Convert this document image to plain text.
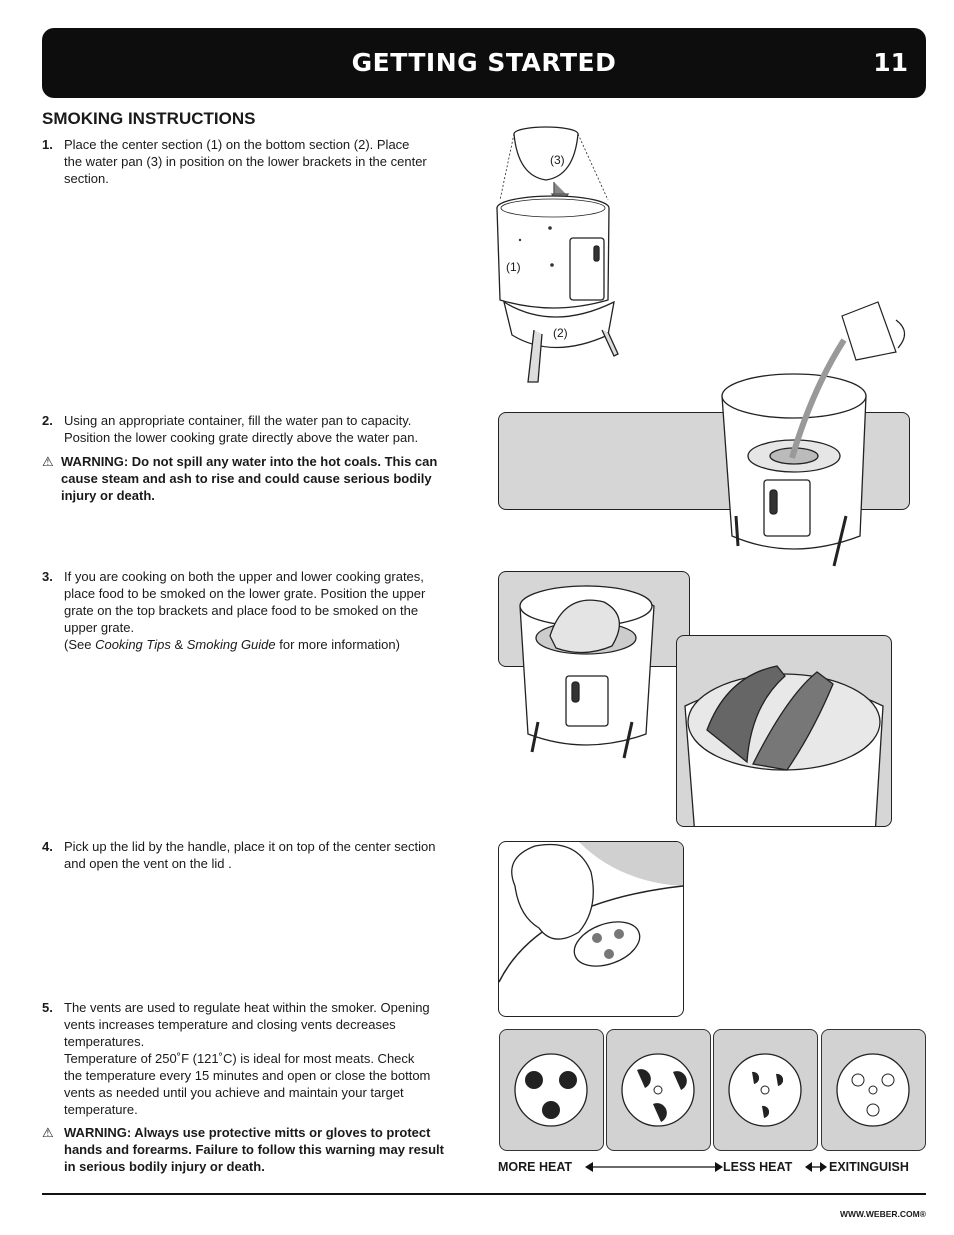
GETTING STARTED	11
SMOKING INSTRUCTIONS
1. Place the center section (1) on the bottom section (2). Place
the water pan (3) in position on the lower brackets in the center
section.
2. Using an appropriate container, fill the water pan to capacity.
Position the lower cooking grate directly above the water pan.
⚠ WARNING: Do not spill any water into the hot coals. This can
cause steam and ash to rise and could cause serious bodily
injury or death.
3. If you are cooking on both the upper and lower cooking grates,
place food to be smoked on the lower grate. Position the upper
grate on the top brackets and place food to be smoked on the
upper grate.
(See Cooking Tips & Smoking Guide for more information)
4. Pick up the lid by the handle, place it on top of the center section
and open the vent on the lid .
5. The vents are used to regulate heat within the smoker. Opening
vents increases temperature and closing vents decreases
temperatures.
Temperature of 250˚F (121˚C) is ideal for most meats. Check
the temperature every 15 minutes and open or close the bottom
vents as needed until you achieve and maintain your target
temperature.
⚠ WARNING: Always use protective mitts or gloves to protect
hands and forearms. Failure to follow this warning may result
in serious bodily injury or death.
(3)
(1)
(2)
MORE HEAT	LESS HEAT	EXITINGUISH
WWW.WEBER.COM®
